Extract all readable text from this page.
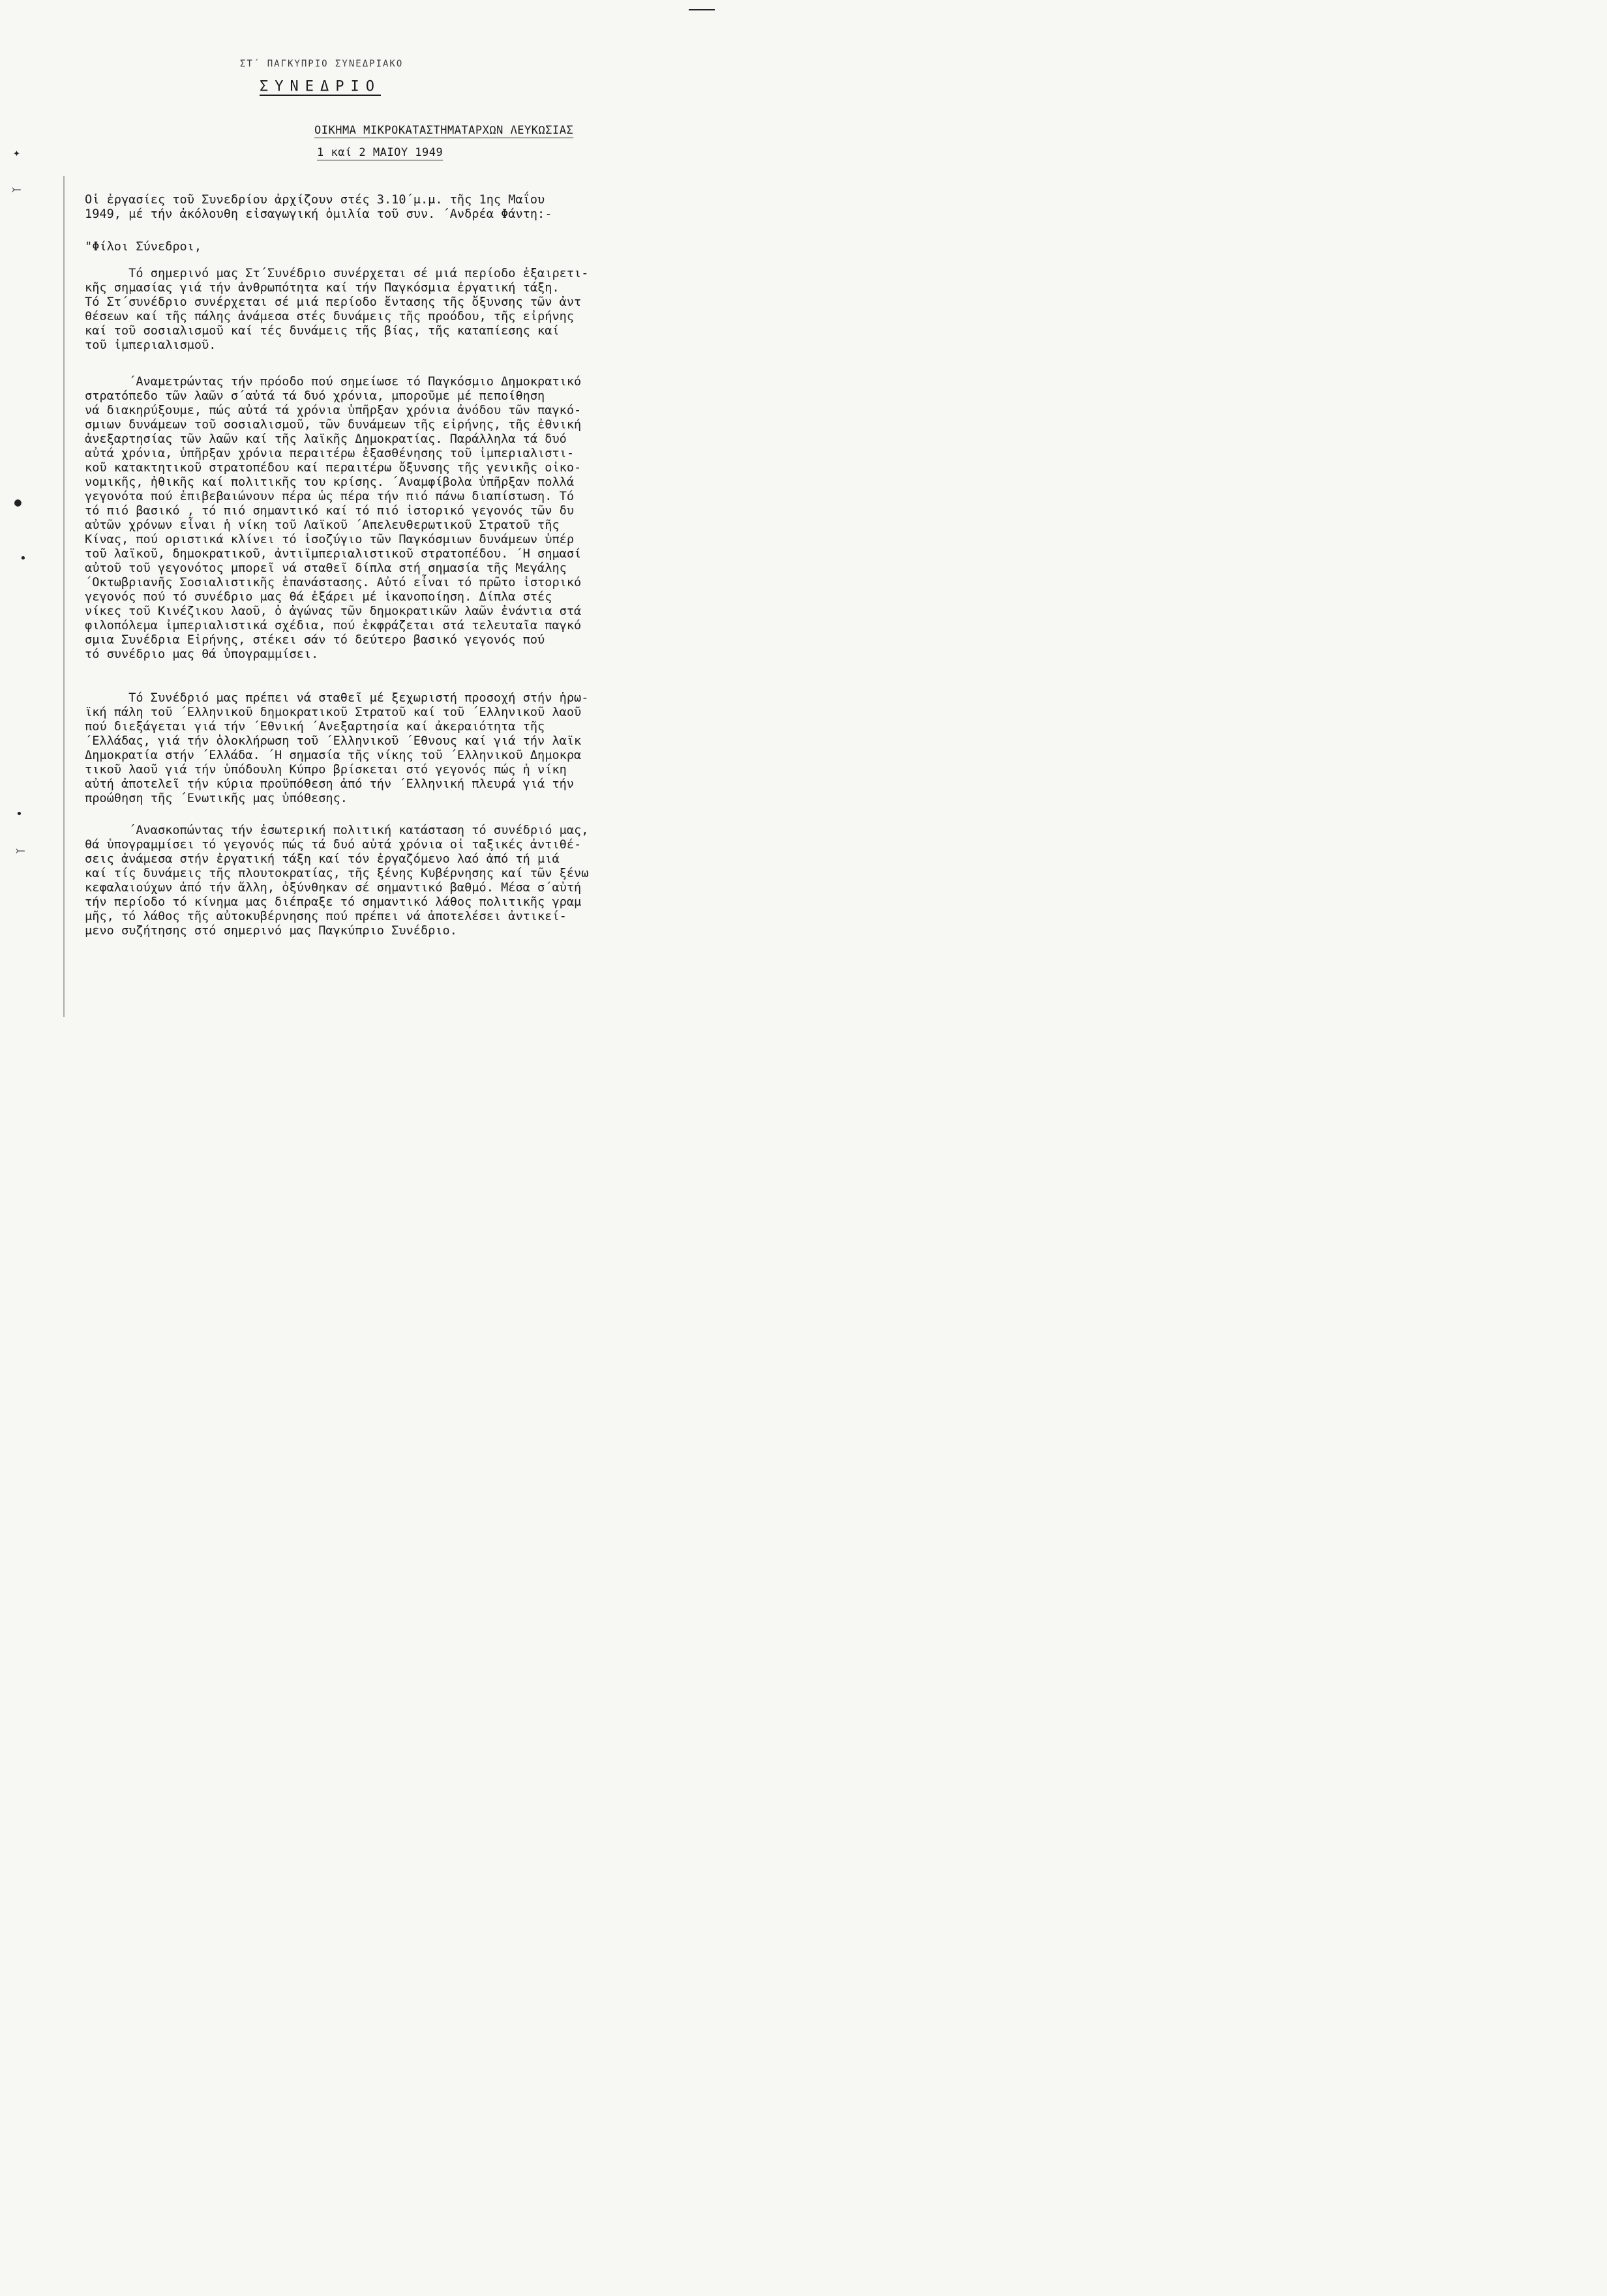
✦
⤚
●
•
•
⤚
ΣΤ΄ ΠΑΓΚΥΠΡΙΟ ΣΥΝΕΔΡΙΑΚΟ
ΣΥΝΕΔΡΙΟ
ΟΙΚΗΜΑ ΜΙΚΡΟΚΑΤΑΣΤΗΜΑΤΑΡΧΩΝ ΛΕΥΚΩΣΙΑΣ
1 καί 2 ΜΑΙΟΥ 1949

Οἱ ἐργασίες τοῦ Συνεδρίου ἀρχίζουν στές 3.10΄μ.μ. τῆς 1ης Μαΐου
1949, μέ τήν ἀκόλουθη εἰσαγωγική ὁμιλία τοῦ συν. ΄Ανδρέα Φάντη:-

"Φίλοι Σύνεδροι,

Τό σημερινό μας Στ΄Συνέδριο συνέρχεται σέ μιά περίοδο ἐξαιρετι-
κῆς σημασίας γιά τήν ἀνθρωπότητα καί τήν Παγκόσμια ἐργατική τάξη.
Τό Στ΄συνέδριο συνέρχεται σέ μιά περίοδο ἔντασης τῆς ὄξυνσης τῶν ἀντ
θέσεων καί τῆς πάλης ἀνάμεσα στές δυνάμεις τῆς προόδου, τῆς εἰρήνης
καί τοῦ σοσιαλισμοῦ καί τές δυνάμεις τῆς βίας, τῆς καταπίεσης καί
τοῦ ἰμπεριαλισμοῦ.

΄Αναμετρώντας τήν πρόοδο πού σημείωσε τό Παγκόσμιο Δημοκρατικό
στρατόπεδο τῶν λαῶν σ΄αὐτά τά δυό χρόνια, μποροῦμε μέ πεποίθηση
νά διακηρύξουμε, πώς αὐτά τά χρόνια ὑπῆρξαν χρόνια ἀνόδου τῶν παγκό-
σμιων δυνάμεων τοῦ σοσιαλισμοῦ, τῶν δυνάμεων τῆς εἰρήνης, τῆς ἐθνική
ἀνεξαρτησίας τῶν λαῶν καί τῆς λαϊκῆς Δημοκρατίας. Παράλληλα τά δυό
αὐτά χρόνια, ὑπῆρξαν χρόνια περαιτέρω ἐξασθένησης τοῦ ἰμπεριαλιστι-
κοῦ κατακτητικοῦ στρατοπέδου καί περαιτέρω ὄξυνσης τῆς γενικῆς οἰκο-
νομικῆς, ἠθικῆς καί πολιτικῆς του κρίσης. ΄Αναμφίβολα ὑπῆρξαν πολλά
γεγονότα πού ἐπιβεβαιώνουν πέρα ὡς πέρα τήν πιό πάνω διαπίστωση. Τό
τό πιό βασικό , τό πιό σημαντικό καί τό πιό ἱστορικό γεγονός τῶν δυ
αὐτῶν χρόνων εἶναι ἡ νίκη τοῦ Λαϊκοῦ ΄Απελευθερωτικοῦ Στρατοῦ τῆς
Κίνας, πού οριστικά κλίνει τό ἰσοζύγιο τῶν Παγκόσμιων δυνάμεων ὑπέρ
τοῦ λαϊκοῦ, δημοκρατικοῦ, ἀντιϊμπεριαλιστικοῦ στρατοπέδου. ΄Η σημασί
αὐτοῦ τοῦ γεγονότος μπορεῖ νά σταθεῖ δίπλα στή σημασία τῆς Μεγάλης
΄Οκτωβριανῆς Σοσιαλιστικῆς ἐπανάστασης. Αὐτό εἶναι τό πρῶτο ἱστορικό
γεγονός πού τό συνέδριο μας θά ἐξάρει μέ ἱκανοποίηση. Δίπλα στές
νίκες τοῦ Κινέζικου λαοῦ, ὁ ἀγώνας τῶν δημοκρατικῶν λαῶν ἐνάντια στά
φιλοπόλεμα ἰμπεριαλιστικά σχέδια, πού ἐκφράζεται στά τελευταῖα παγκό
σμια Συνέδρια Εἰρήνης, στέκει σάν τό δεύτερο βασικό γεγονός πού
τό συνέδριο μας θά ὑπογραμμίσει.

Τό Συνέδριό μας πρέπει νά σταθεῖ μέ ξεχωριστή προσοχή στήν ἡρω-
ϊκή πάλη τοῦ ΄Ελληνικοῦ δημοκρατικοῦ Στρατοῦ καί τοῦ ΄Ελληνικοῦ λαοῦ
πού διεξάγεται γιά τήν ΄Εθνική ΄Ανεξαρτησία καί ἀκεραιότητα τῆς
΄Ελλάδας, γιά τήν ὁλοκλήρωση τοῦ ΄Ελληνικοῦ ΄Εθνους καί γιά τήν λαϊκ
Δημοκρατία στήν ΄Ελλάδα. ΄Η σημασία τῆς νίκης τοῦ ΄Ελληνικοῦ Δημοκρα
τικοῦ λαοῦ γιά τήν ὑπόδουλη Κύπρο βρίσκεται στό γεγονός πώς ἡ νίκη
αὐτή ἀποτελεῖ τήν κύρια προϋπόθεση ἀπό τήν ΄Ελληνική πλευρά γιά τήν
προώθηση τῆς ΄Ενωτικῆς μας ὑπόθεσης.

΄Ανασκοπώντας τήν ἐσωτερική πολιτική κατάσταση τό συνέδριό μας,
θά ὑπογραμμίσει τό γεγονός πώς τά δυό αὐτά χρόνια οἱ ταξικές ἀντιθέ-
σεις ἀνάμεσα στήν ἐργατική τάξη καί τόν ἐργαζόμενο λαό ἀπό τή μιά
καί τίς δυνάμεις τῆς πλουτοκρατίας, τῆς ξένης Κυβέρνησης καί τῶν ξένω
κεφαλαιούχων ἀπό τήν ἄλλη, ὀξύνθηκαν σέ σημαντικό βαθμό. Μέσα σ΄αὐτή
τήν περίοδο τό κίνημα μας διέπραξε τό σημαντικό λάθος πολιτικῆς γραμ
μῆς, τό λάθος τῆς αὐτοκυβέρνησης πού πρέπει νά ἀποτελέσει ἀντικεί-
μενο συζήτησης στό σημερινό μας Παγκύπριο Συνέδριο.
